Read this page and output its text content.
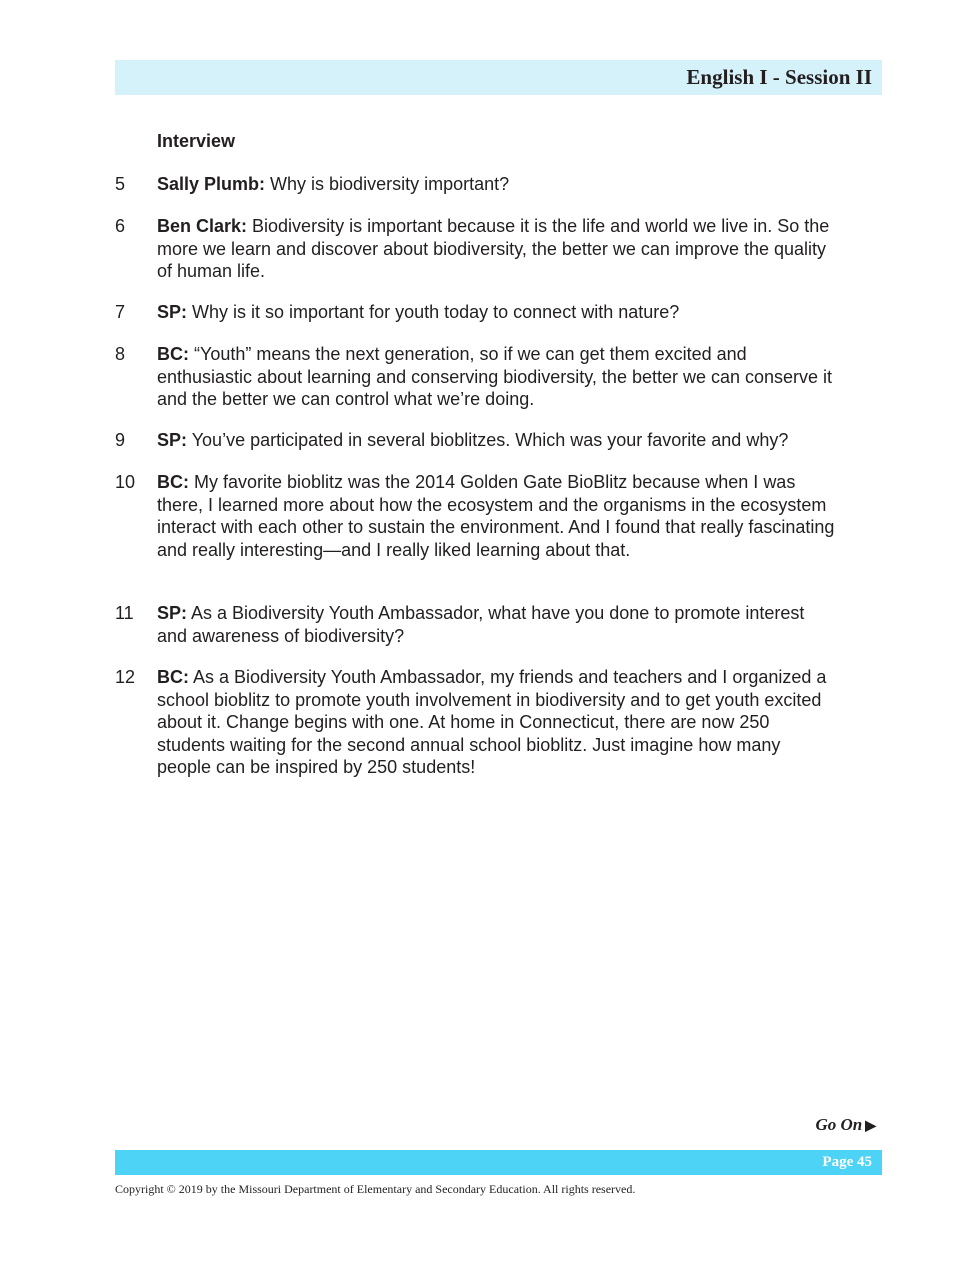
English I - Session II
Interview
5	Sally Plumb: Why is biodiversity important?
6	Ben Clark: Biodiversity is important because it is the life and world we live in. So the more we learn and discover about biodiversity, the better we can improve the quality of human life.
7	SP: Why is it so important for youth today to connect with nature?
8	BC: “Youth” means the next generation, so if we can get them excited and enthusiastic about learning and conserving biodiversity, the better we can conserve it and the better we can control what we’re doing.
9	SP: You’ve participated in several bioblitzes. Which was your favorite and why?
10	BC: My favorite bioblitz was the 2014 Golden Gate BioBlitz because when I was there, I learned more about how the ecosystem and the organisms in the ecosystem interact with each other to sustain the environment. And I found that really fascinating and really interesting—and I really liked learning about that.
11	SP: As a Biodiversity Youth Ambassador, what have you done to promote interest and awareness of biodiversity?
12	BC: As a Biodiversity Youth Ambassador, my friends and teachers and I organized a school bioblitz to promote youth involvement in biodiversity and to get youth excited about it. Change begins with one. At home in Connecticut, there are now 250 students waiting for the second annual school bioblitz. Just imagine how many people can be inspired by 250 students!
Go On ▶
Page 45
Copyright © 2019 by the Missouri Department of Elementary and Secondary Education. All rights reserved.
